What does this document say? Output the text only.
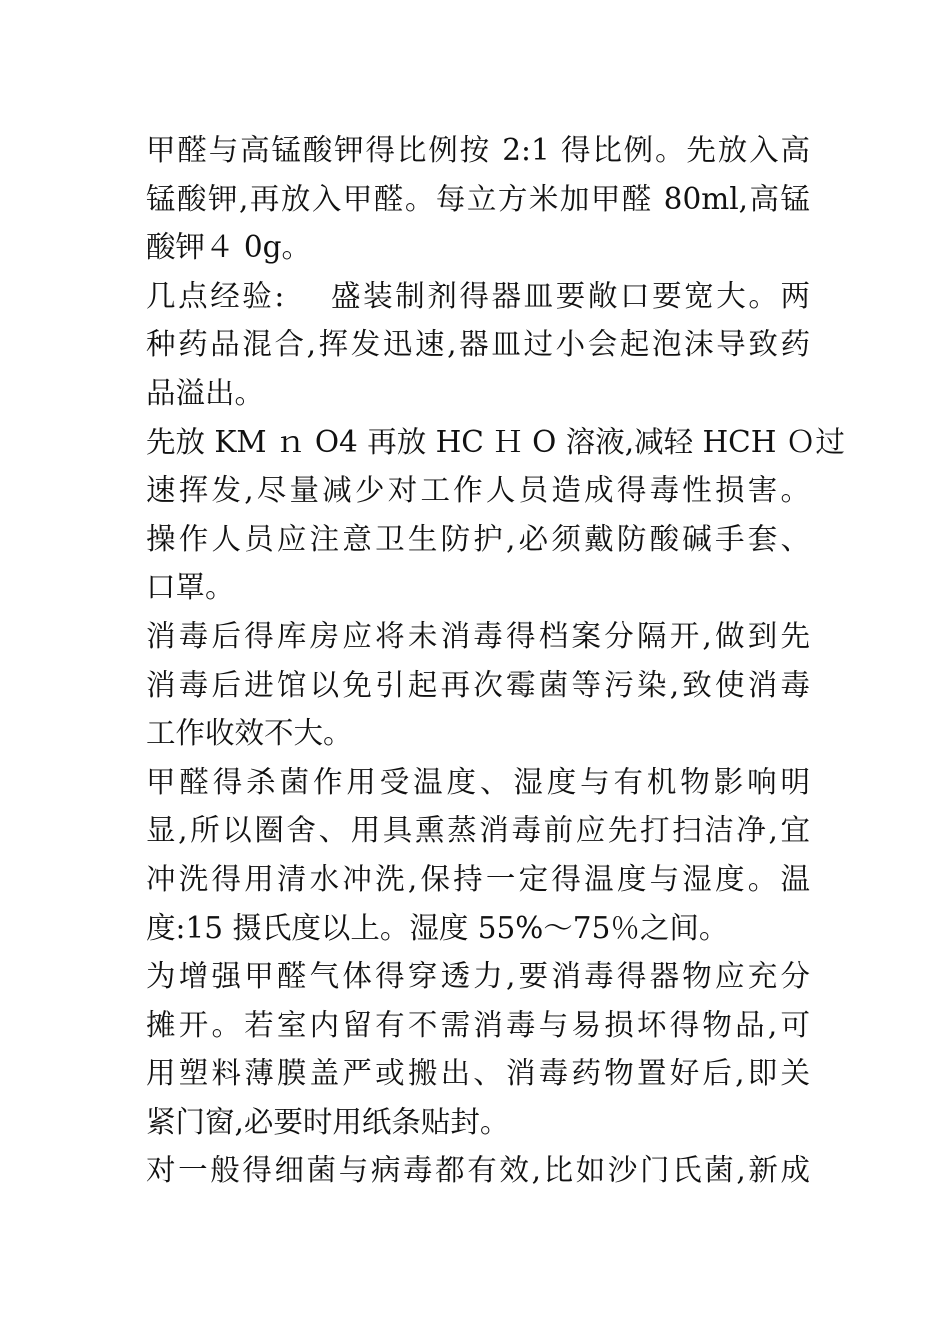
甲醛与高锰酸钾得比例按 2:1 得比例。先放入高
锰酸钾,再放入甲醛。每立方米加甲醛 80ml,高锰
酸钾４ 0g。
几点经验:　 盛装制剂得器皿要敞口要宽大。两
种药品混合,挥发迅速,器皿过小会起泡沫导致药
品溢出。
先放 KM ｎ O4 再放 HC Ｈ O 溶液,减轻 HCH Ｏ过
速挥发,尽量减少对工作人员造成得毒性损害。
操作人员应注意卫生防护,必须戴防酸碱手套、
口罩。
消毒后得库房应将未消毒得档案分隔开,做到先
消毒后进馆以免引起再次霉菌等污染,致使消毒
工作收效不大。
甲醛得杀菌作用受温度、湿度与有机物影响明
显,所以圈舍、用具熏蒸消毒前应先打扫洁净,宜
冲洗得用清水冲洗,保持一定得温度与湿度。温
度:15 摄氏度以上。湿度 55%～75％之间。
为增强甲醛气体得穿透力,要消毒得器物应充分
摊开。若室内留有不需消毒与易损坏得物品,可
用塑料薄膜盖严或搬出、消毒药物置好后,即关
紧门窗,必要时用纸条贴封。
对一般得细菌与病毒都有效,比如沙门氏菌,新成
